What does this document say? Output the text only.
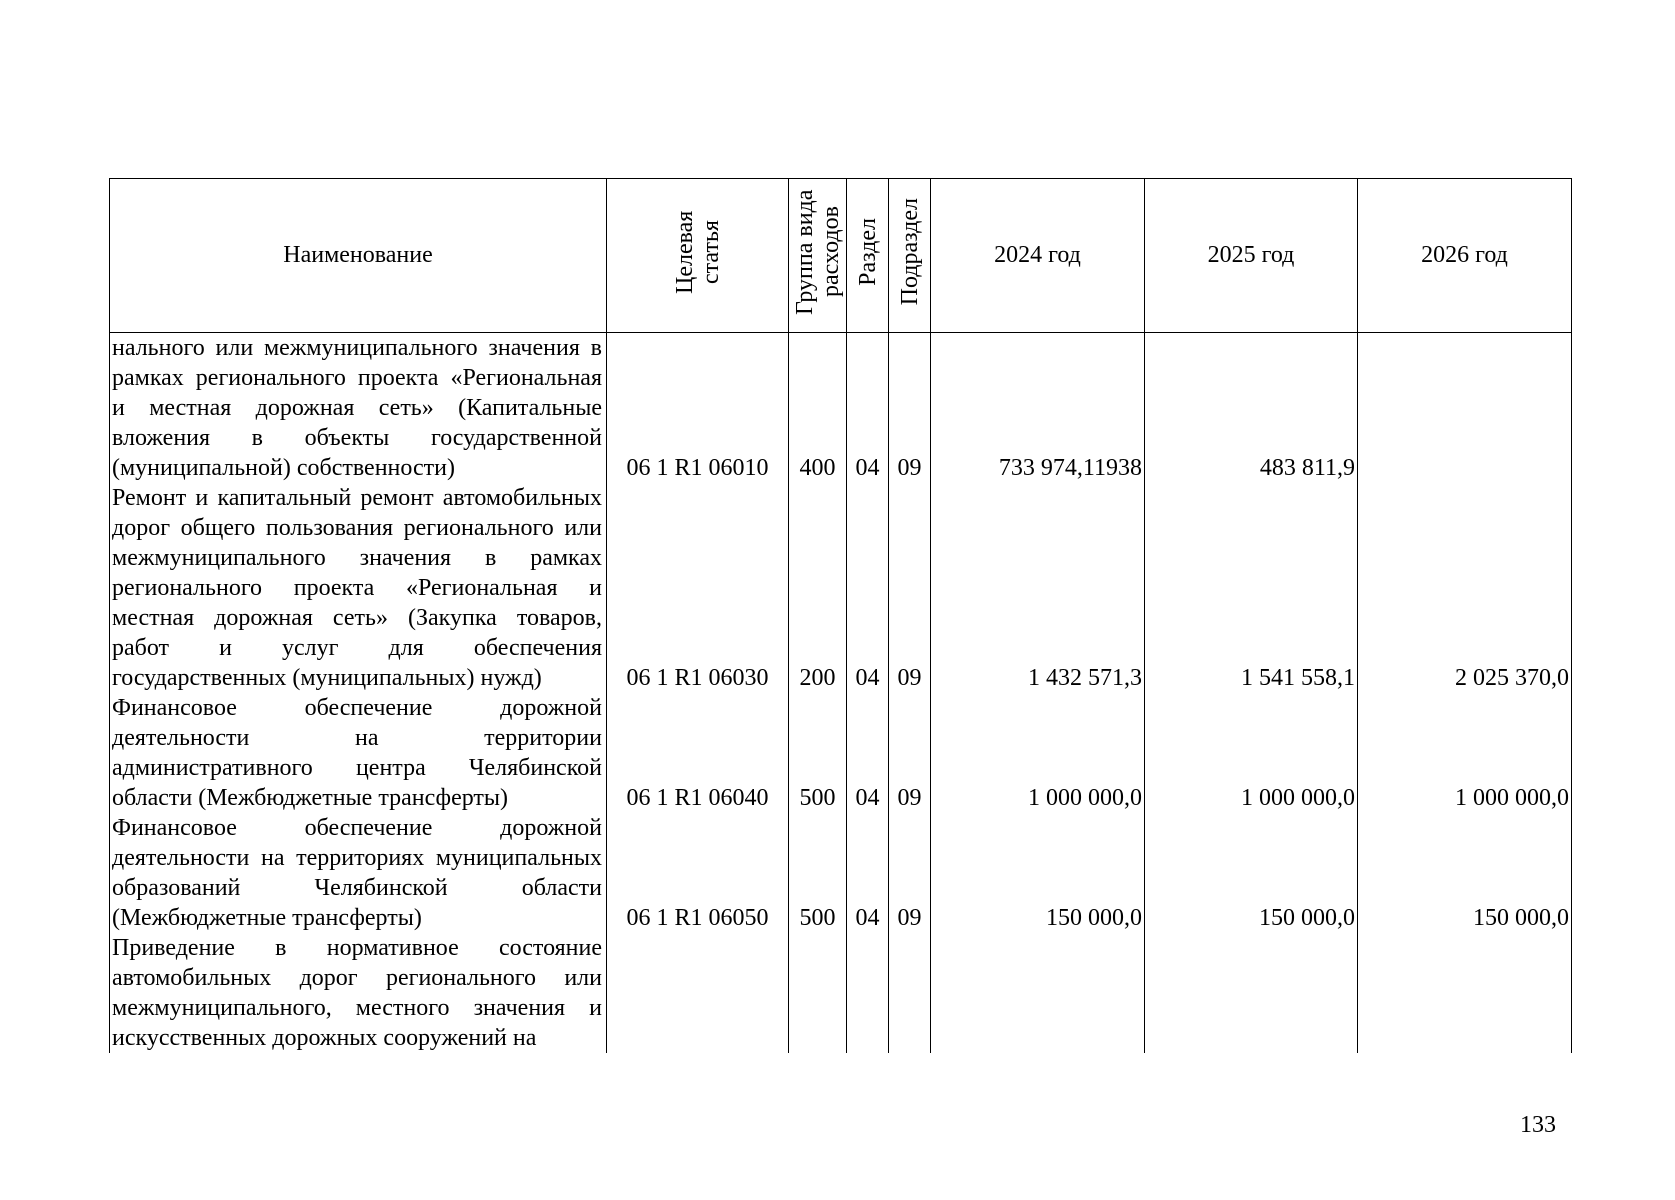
Наименование	Целевая статья	Группа вида расходов	Раздел	Подраздел	2024 год	2025 год	2026 год
нального или межмуниципального значения в рамках регионального проекта «Региональная и местная дорожная сеть» (Капитальные вложения в объекты государственной (муниципальной) собственности)	06 1 R1 06010	400	04	09	733 974,11938	483 811,9	
Ремонт и капитальный ремонт автомобильных дорог общего пользования регионального или межмуниципального значения в рамках регионального проекта «Региональная и местная дорожная сеть» (Закупка товаров, работ и услуг для обеспечения государственных (муниципальных) нужд)	06 1 R1 06030	200	04	09	1 432 571,3	1 541 558,1	2 025 370,0
Финансовое обеспечение дорожной деятельности на территории административного центра Челябинской области (Межбюджетные трансферты)	06 1 R1 06040	500	04	09	1 000 000,0	1 000 000,0	1 000 000,0
Финансовое обеспечение дорожной деятельности на территориях муниципальных образований Челябинской области (Межбюджетные трансферты)	06 1 R1 06050	500	04	09	150 000,0	150 000,0	150 000,0
Приведение в нормативное состояние автомобильных дорог регионального или межмуниципального, местного значения и искусственных дорожных сооружений на							
133
